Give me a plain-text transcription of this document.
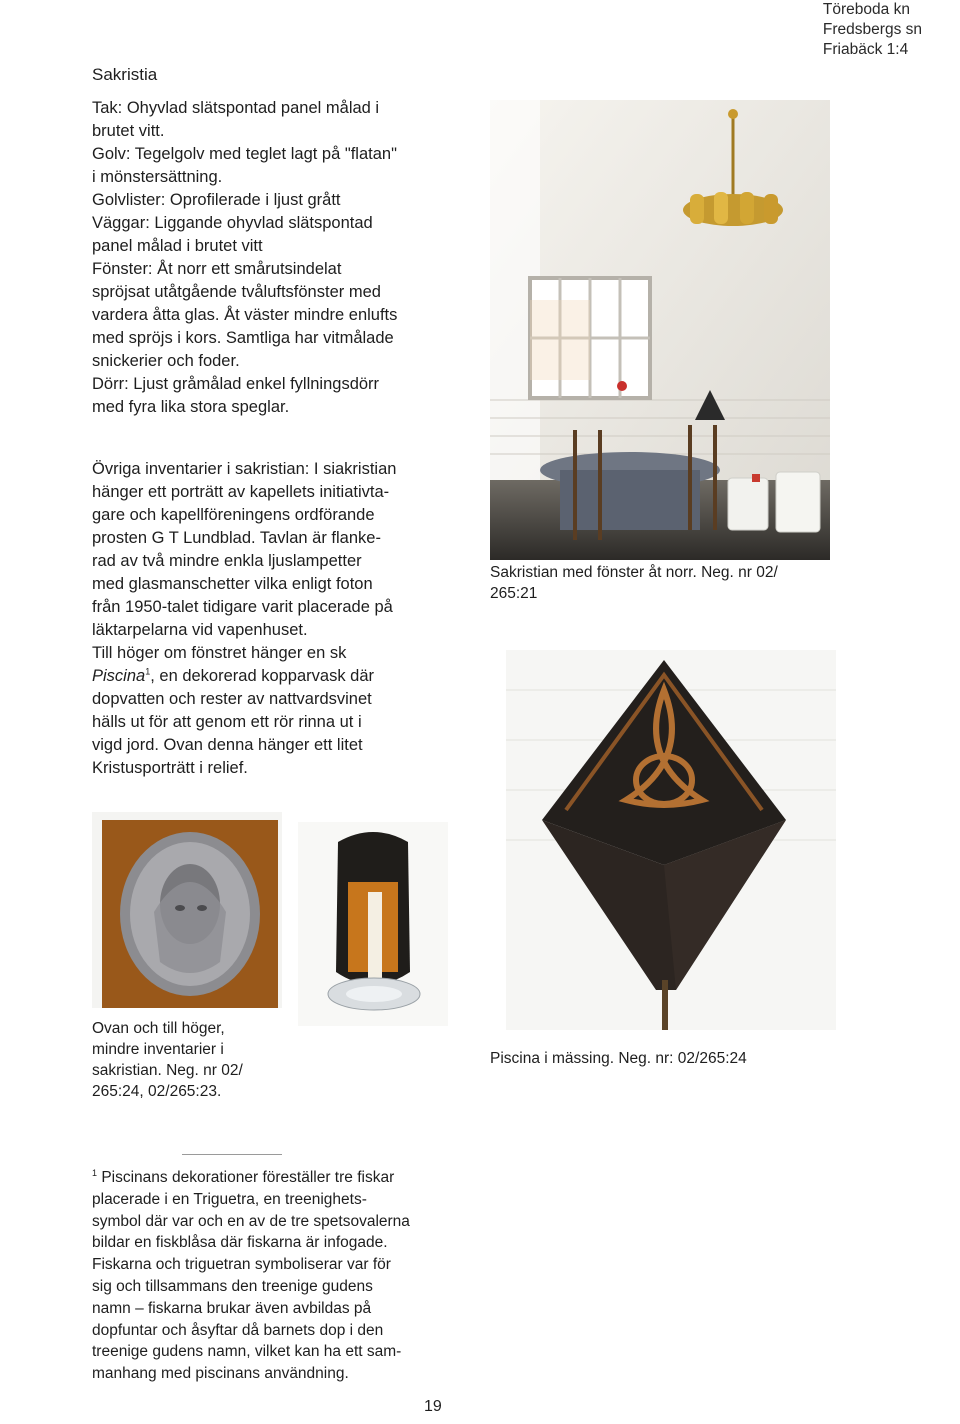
Töreboda kn
Fredsbergs sn
Friabäck 1:4
Sakristia
Tak: Ohyvlad slätspontad panel målad i
brutet vitt.
Golv: Tegelgolv med teglet lagt på "flatan"
i mönstersättning.
Golvlister: Oprofilerade i ljust grått
Väggar: Liggande ohyvlad slätspontad
panel målad i brutet vitt
Fönster: Åt norr ett smårutsindelat
spröjsat utåtgående tvåluftsfönster med
vardera åtta glas. Åt väster mindre enlufts
med spröjs i kors. Samtliga har vitmålade
snickerier och foder.
Dörr: Ljust gråmålad enkel fyllningsdörr
med fyra lika stora speglar.
Övriga inventarier i sakristian: I siakristian
hänger ett porträtt av kapellets initiativta-
gare och kapellföreningens ordförande
prosten G T Lundblad. Tavlan är flanke-
rad av två mindre enkla ljuslampetter
med glasmanschetter vilka enligt foton
från 1950-talet tidigare varit placerade på
läktarpelarna vid vapenhuset.
Till höger om fönstret hänger en sk
Piscina$^1$, en dekorerad kopparvask där
dopvatten och rester av nattvardsvinet
hälls ut för att genom ett rör rinna ut i
vigd jord. Ovan denna hänger ett litet
Kristusporträtt i relief.
Sakristian med fönster åt norr. Neg. nr 02/
265:21
Ovan och till höger,
mindre inventarier i
sakristian. Neg. nr 02/
265:24, 02/265:23.
Piscina i mässing. Neg. nr: 02/265:24
$^1$ Piscinans dekorationer föreställer tre fiskar
placerade i en Triguetra, en treenighets-
symbol där var och en av de tre spetsovalerna
bildar en fiskblåsa där fiskarna är infogade.
Fiskarna och triguetran symboliserar var för
sig och tillsammans den treenige gudens
namn – fiskarna brukar även avbildas på
dopfuntar och åsyftar då barnets dop i den
treenige gudens namn, vilket kan ha ett sam-
manhang med piscinans användning.
19
